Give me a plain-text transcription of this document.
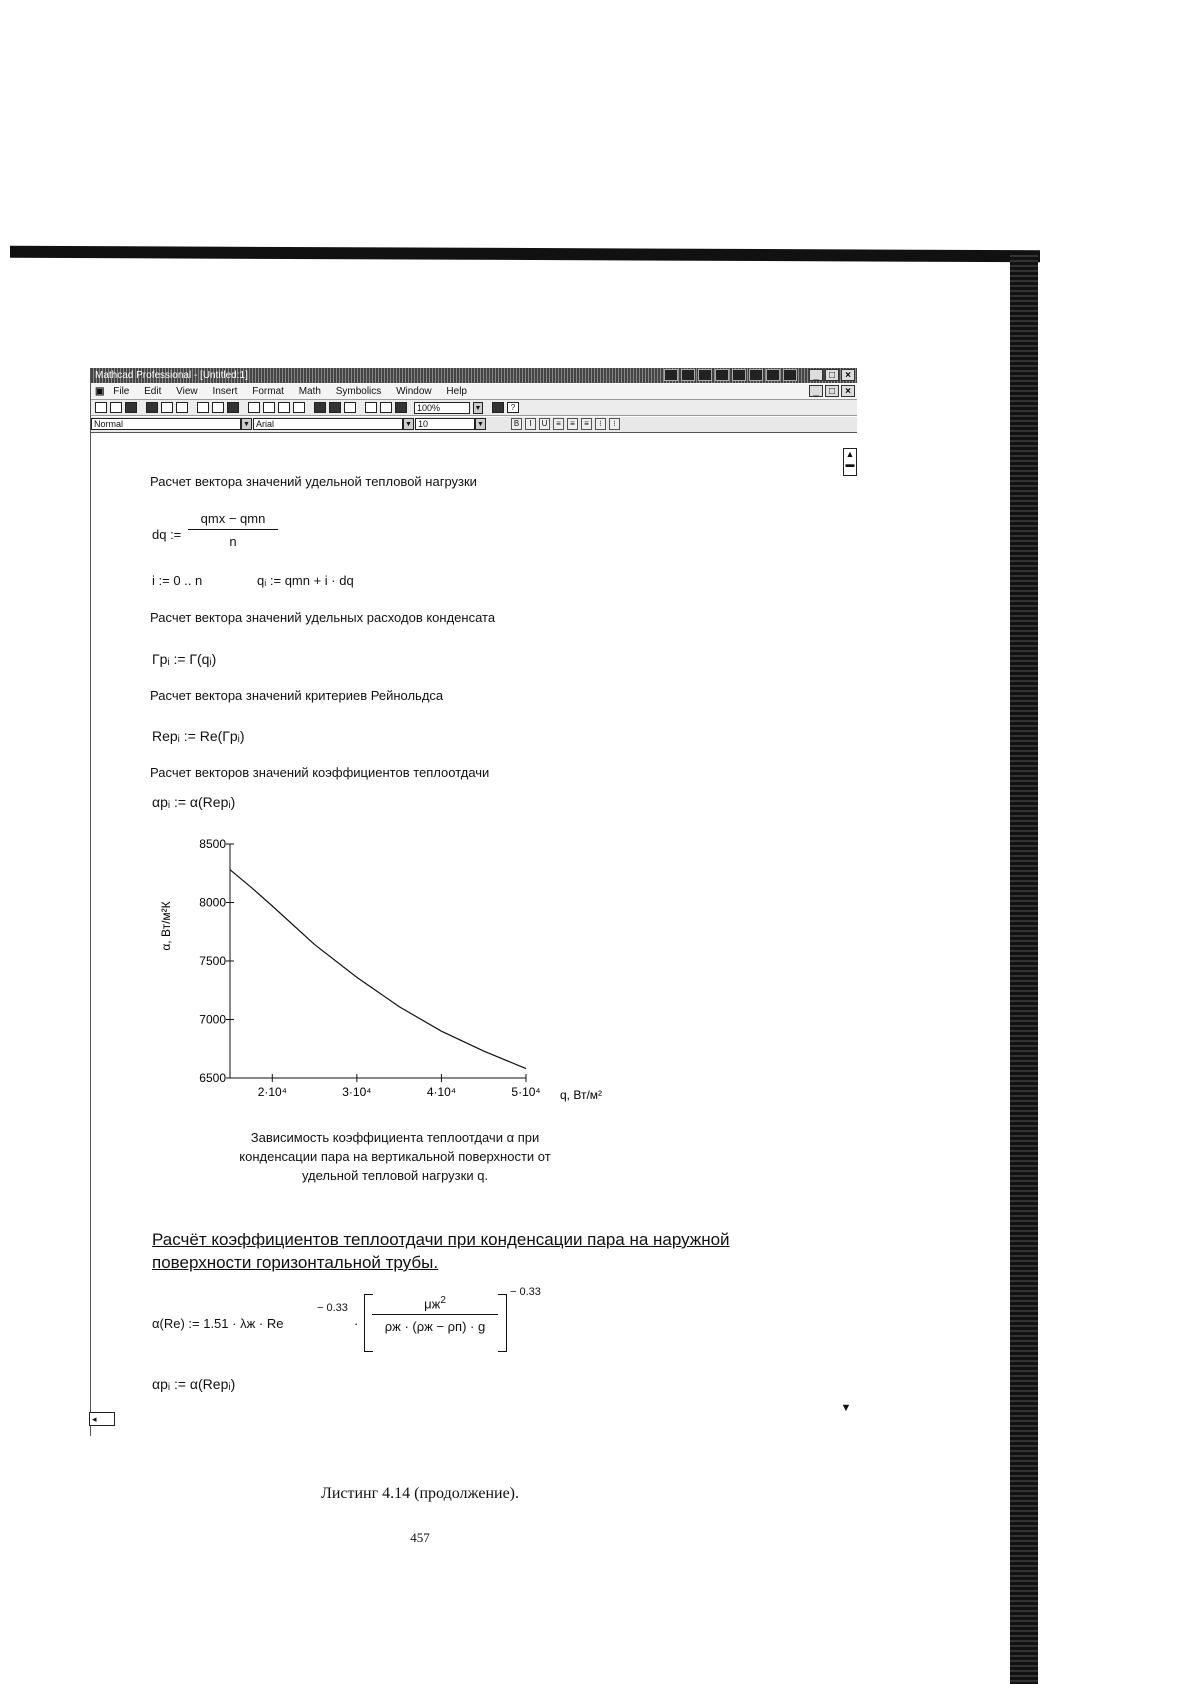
Mathcad Professional - [Untitled:1]	_	□	×
▣ File Edit View Insert Format Math Symbolics Window Help	_	□	×
100%	▼	?
Normal	▼ Arial	▼ 10	▼	B	I	U	≡	≡	≡	⁝	⁝
▲
▬
▼
◂
Расчет вектора значений удельной тепловой нагрузки
dq :=
qmx − qmn
n
i := 0 .. n	qᵢ := qmn + i · dq
Расчет вектора значений удельных расходов конденсата
Гpᵢ := Г(qᵢ)
Расчет вектора значений критериев Рейнольдса
Repᵢ := Re(Гpᵢ)
Расчет векторов значений коэффициентов теплоотдачи
αpᵢ := α(Repᵢ)
8500
8000
7500
7000
6500
2·10⁴	3·10⁴	4·10⁴	5·10⁴
α, Вт/м²К
q, Вт/м²
Зависимость коэффициента теплоотдачи α при
конденсации пара на вертикальной поверхности от
удельной тепловой нагрузки q.
Расчёт коэффициентов теплоотдачи при конденсации пара на наружной поверхности горизонтальной трубы.
α(Re) := 1.51 · λж · Re
− 0.33
·
$\mu ж^2$
ρж · (ρж − ρп) · g
− 0.33
αpᵢ := α(Repᵢ)
Листинг 4.14 (продолжение).
457
